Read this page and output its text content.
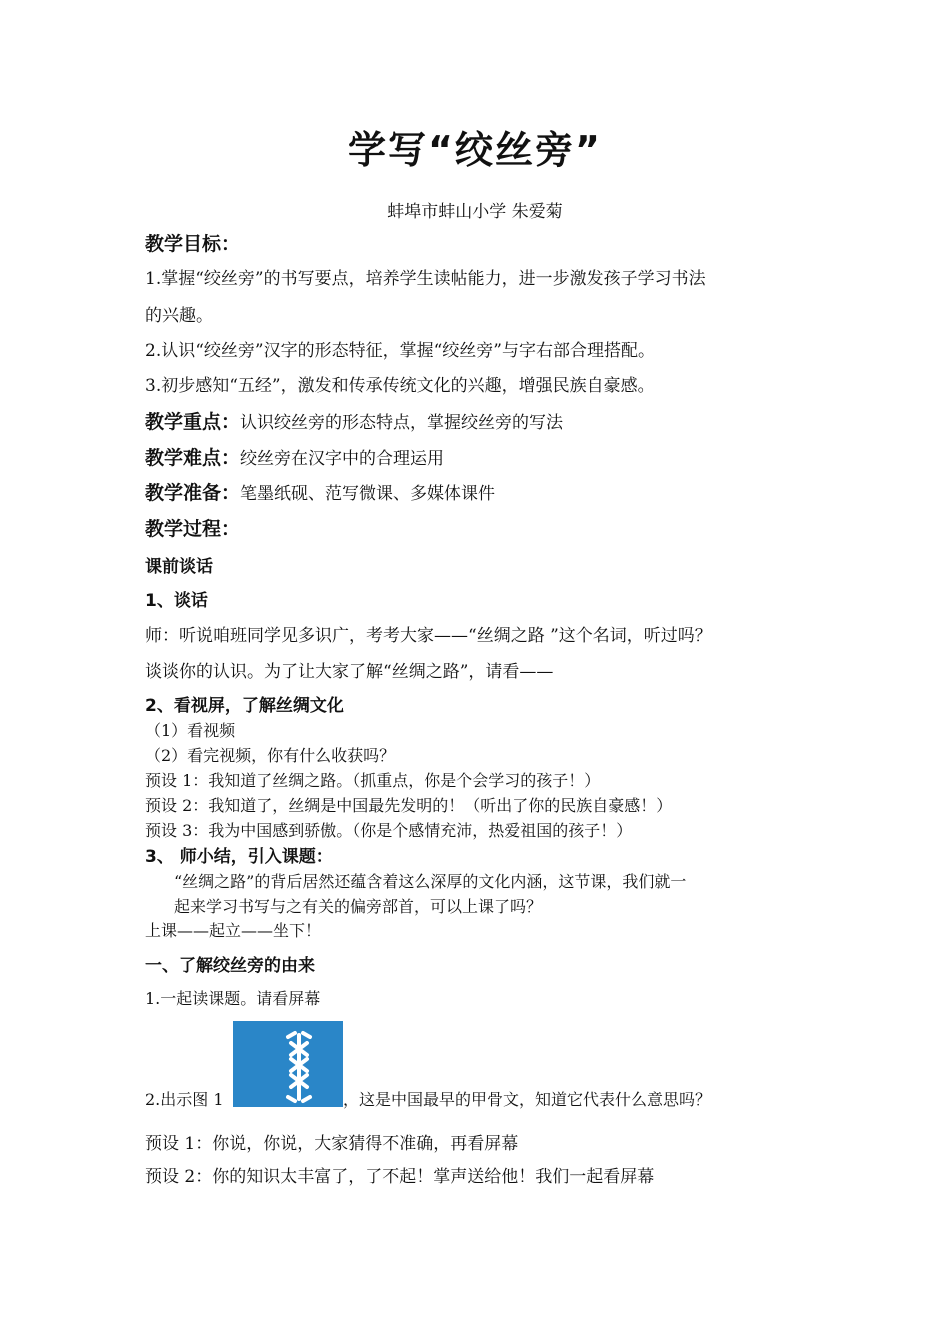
学写“绞丝旁”
蚌埠市蚌山小学 朱爱菊
教学目标：
1.掌握“绞丝旁”的书写要点，培养学生读帖能力，进一步激发孩子学习书法
的兴趣。
2.认识“绞丝旁”汉字的形态特征，掌握“绞丝旁”与字右部合理搭配。
3.初步感知“五经”，激发和传承传统文化的兴趣，增强民族自豪感。
教学重点：认识绞丝旁的形态特点，掌握绞丝旁的写法
教学难点：绞丝旁在汉字中的合理运用
教学准备：笔墨纸砚、范写微课、多媒体课件
教学过程：
课前谈话
1、谈话
师：听说咱班同学见多识广，考考大家——“丝绸之路 ”这个名词，听过吗？
谈谈你的认识。为了让大家了解“丝绸之路”，请看——
2、看视屏，了解丝绸文化
（1）看视频
（2）看完视频，你有什么收获吗？
预设 1：我知道了丝绸之路。（抓重点，你是个会学习的孩子！）
预设 2：我知道了，丝绸是中国最先发明的！（听出了你的民族自豪感！）
预设 3：我为中国感到骄傲。（你是个感情充沛，热爱祖国的孩子！）
3、 师小结，引入课题：
“丝绸之路”的背后居然还蕴含着这么深厚的文化内涵，这节课，我们就一
起来学习书写与之有关的偏旁部首，可以上课了吗？
上课——起立——坐下！
一、了解绞丝旁的由来
1.一起读课题。请看屏幕
2.出示图 1	，这是中国最早的甲骨文，知道它代表什么意思吗？
预设 1：你说，你说，大家猜得不准确，再看屏幕
预设 2：你的知识太丰富了，了不起！掌声送给他！我们一起看屏幕
